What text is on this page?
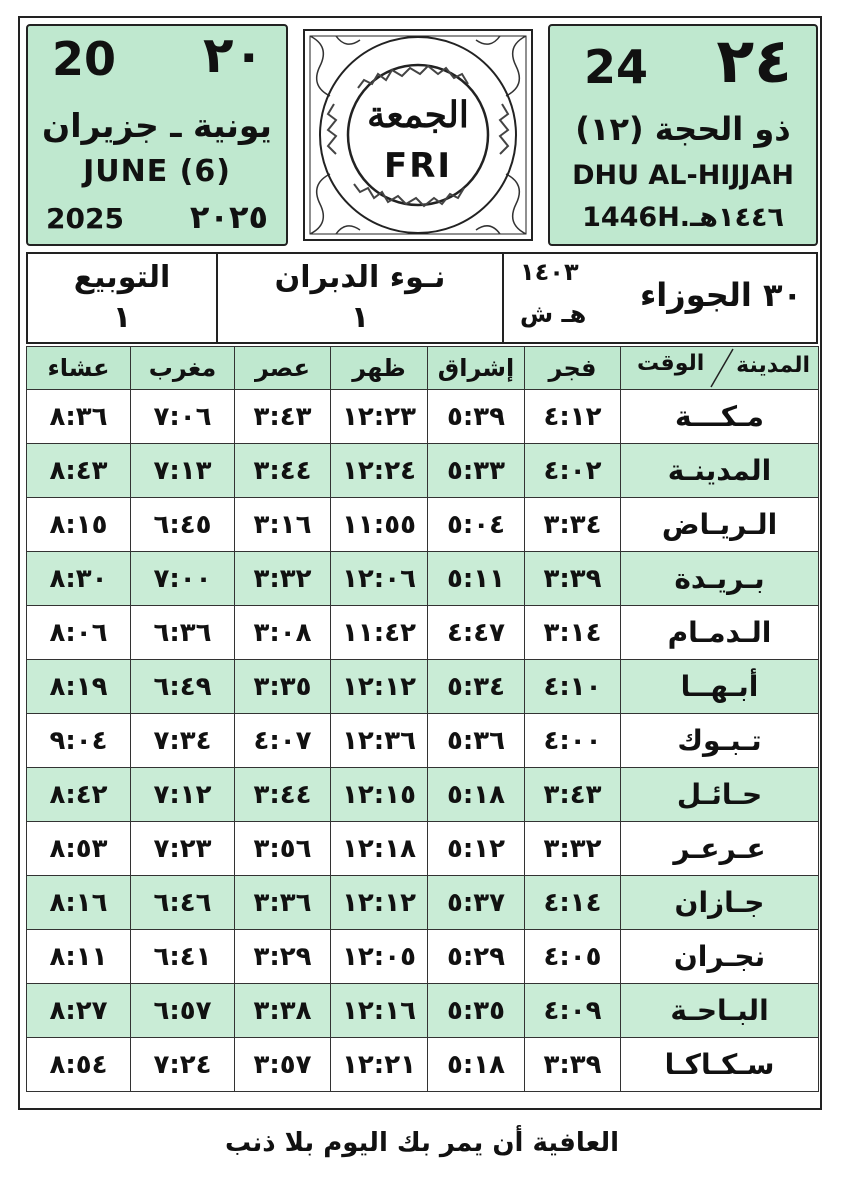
20 ٢٠
يونية ـ جزيران
JUNE (6)
2025 ٢٠٢٥
الجمعة
FRI
24 ٢٤
ذو الحجة (١٢)
DHU AL-HIJJAH
1446H.١٤٤٦هـ
١٤٠٣
هـ ش ٣٠ الجوزاء
نـوء الدبران
١
التوبيع
١
المدينة
الوقت	فجر	إشراق	ظهر	عصر	مغرب	عشاء
مـكـــة	٤:١٢	٥:٣٩	١٢:٢٣	٣:٤٣	٧:٠٦	٨:٣٦
المدينـة	٤:٠٢	٥:٣٣	١٢:٢٤	٣:٤٤	٧:١٣	٨:٤٣
الـريـاض	٣:٣٤	٥:٠٤	١١:٥٥	٣:١٦	٦:٤٥	٨:١٥
بـريـدة	٣:٣٩	٥:١١	١٢:٠٦	٣:٣٢	٧:٠٠	٨:٣٠
الـدمـام	٣:١٤	٤:٤٧	١١:٤٢	٣:٠٨	٦:٣٦	٨:٠٦
أبـهــا	٤:١٠	٥:٣٤	١٢:١٢	٣:٣٥	٦:٤٩	٨:١٩
تـبـوك	٤:٠٠	٥:٣٦	١٢:٣٦	٤:٠٧	٧:٣٤	٩:٠٤
حـائـل	٣:٤٣	٥:١٨	١٢:١٥	٣:٤٤	٧:١٢	٨:٤٢
عـرعـر	٣:٣٢	٥:١٢	١٢:١٨	٣:٥٦	٧:٢٣	٨:٥٣
جـازان	٤:١٤	٥:٣٧	١٢:١٢	٣:٣٦	٦:٤٦	٨:١٦
نجـران	٤:٠٥	٥:٢٩	١٢:٠٥	٣:٢٩	٦:٤١	٨:١١
البـاحـة	٤:٠٩	٥:٣٥	١٢:١٦	٣:٣٨	٦:٥٧	٨:٢٧
سـكـاكـا	٣:٣٩	٥:١٨	١٢:٢١	٣:٥٧	٧:٢٤	٨:٥٤
العافية أن يمر بك اليوم بلا ذنب
